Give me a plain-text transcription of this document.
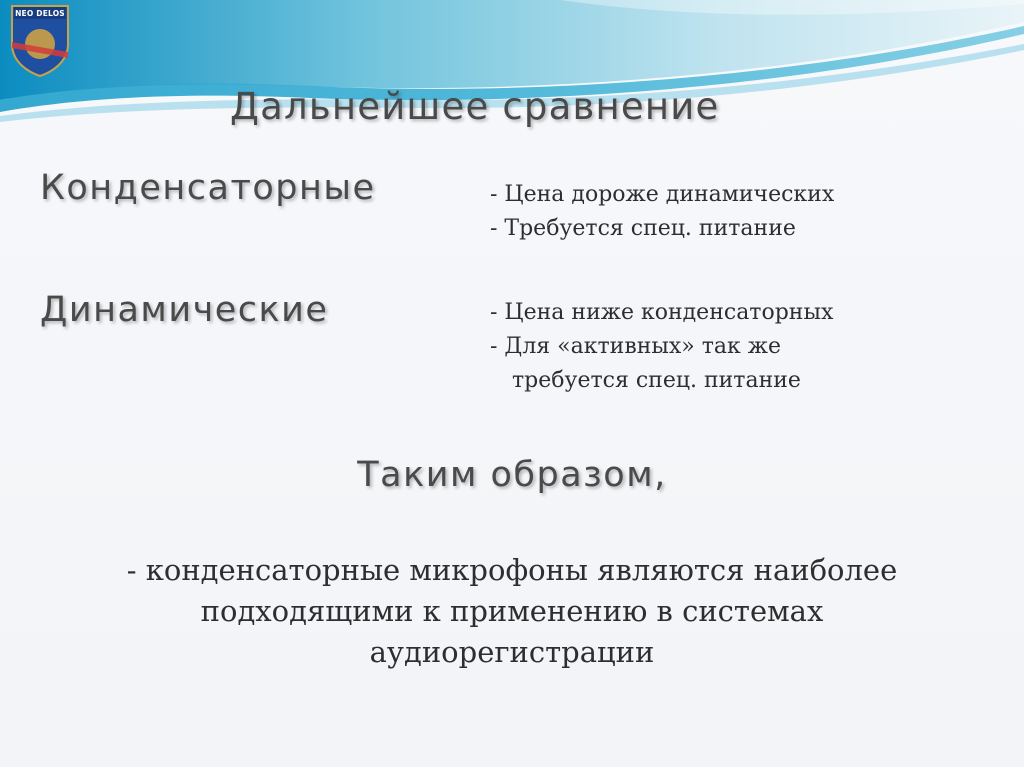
NEO DELOS
Дальнейшее сравнение
Конденсаторные	- Цена дороже динамических
- Требуется спец. питание
Динамические	- Цена ниже конденсаторных
- Для «активных» так же
требуется спец. питание
Таким образом,
- конденсаторные микрофоны являются наиболее
подходящими к применению в системах
аудиорегистрации
